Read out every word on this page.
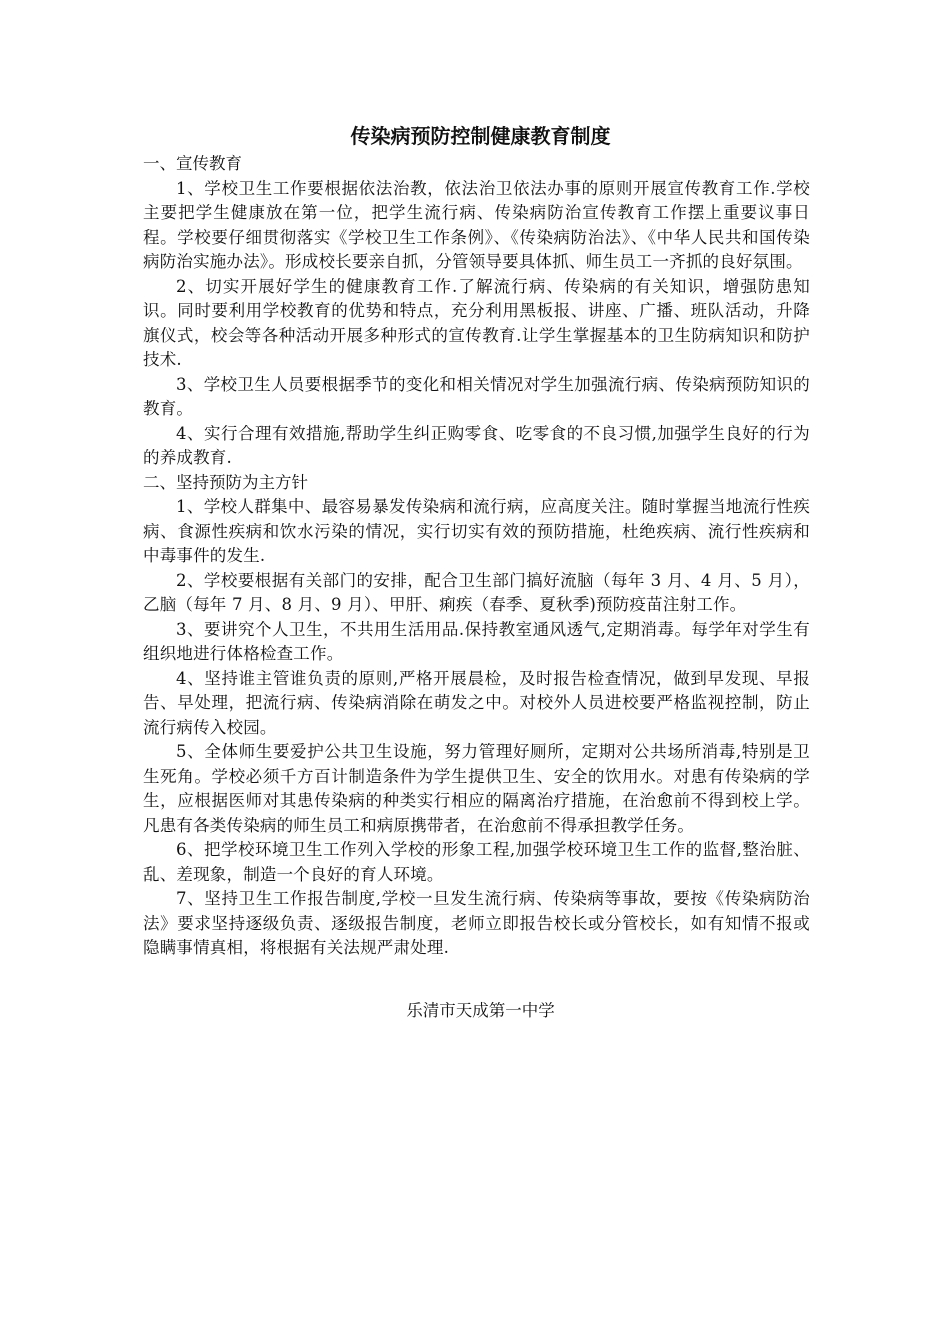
传染病预防控制健康教育制度

一、宣传教育

1、学校卫生工作要根据依法治教，依法治卫依法办事的原则开展宣传教育工作.学校主要把学生健康放在第一位，把学生流行病、传染病防治宣传教育工作摆上重要议事日程。学校要仔细贯彻落实《学校卫生工作条例》、《传染病防治法》、《中华人民共和国传染病防治实施办法》。形成校长要亲自抓，分管领导要具体抓、师生员工一齐抓的良好氛围。

2、切实开展好学生的健康教育工作.了解流行病、传染病的有关知识，增强防患知识。同时要利用学校教育的优势和特点，充分利用黑板报、讲座、广播、班队活动，升降旗仪式，校会等各种活动开展多种形式的宣传教育.让学生掌握基本的卫生防病知识和防护技术.

3、学校卫生人员要根据季节的变化和相关情况对学生加强流行病、传染病预防知识的教育。

4、实行合理有效措施,帮助学生纠正购零食、吃零食的不良习惯,加强学生良好的行为的养成教育.

二、坚持预防为主方针

1、学校人群集中、最容易暴发传染病和流行病，应高度关注。随时掌握当地流行性疾病、食源性疾病和饮水污染的情况，实行切实有效的预防措施，杜绝疾病、流行性疾病和中毒事件的发生.

2、学校要根据有关部门的安排，配合卫生部门搞好流脑（每年 3 月、4 月、5 月），乙脑（每年 7 月、8 月、9 月）、甲肝、痢疾（春季、夏秋季)预防疫苗注射工作。

3、要讲究个人卫生，不共用生活用品.保持教室通风透气,定期消毒。每学年对学生有组织地进行体格检查工作。

4、坚持谁主管谁负责的原则,严格开展晨检，及时报告检查情况，做到早发现、早报告、早处理，把流行病、传染病消除在萌发之中。对校外人员进校要严格监视控制，防止流行病传入校园。

5、全体师生要爱护公共卫生设施，努力管理好厕所，定期对公共场所消毒,特别是卫生死角。学校必须千方百计制造条件为学生提供卫生、安全的饮用水。对患有传染病的学生，应根据医师对其患传染病的种类实行相应的隔离治疗措施，在治愈前不得到校上学。凡患有各类传染病的师生员工和病原携带者，在治愈前不得承担教学任务。

6、把学校环境卫生工作列入学校的形象工程,加强学校环境卫生工作的监督,整治脏、乱、差现象，制造一个良好的育人环境。

7、坚持卫生工作报告制度,学校一旦发生流行病、传染病等事故，要按《传染病防治法》要求坚持逐级负责、逐级报告制度，老师立即报告校长或分管校长，如有知情不报或隐瞒事情真相，将根据有关法规严肃处理.

乐清市天成第一中学
